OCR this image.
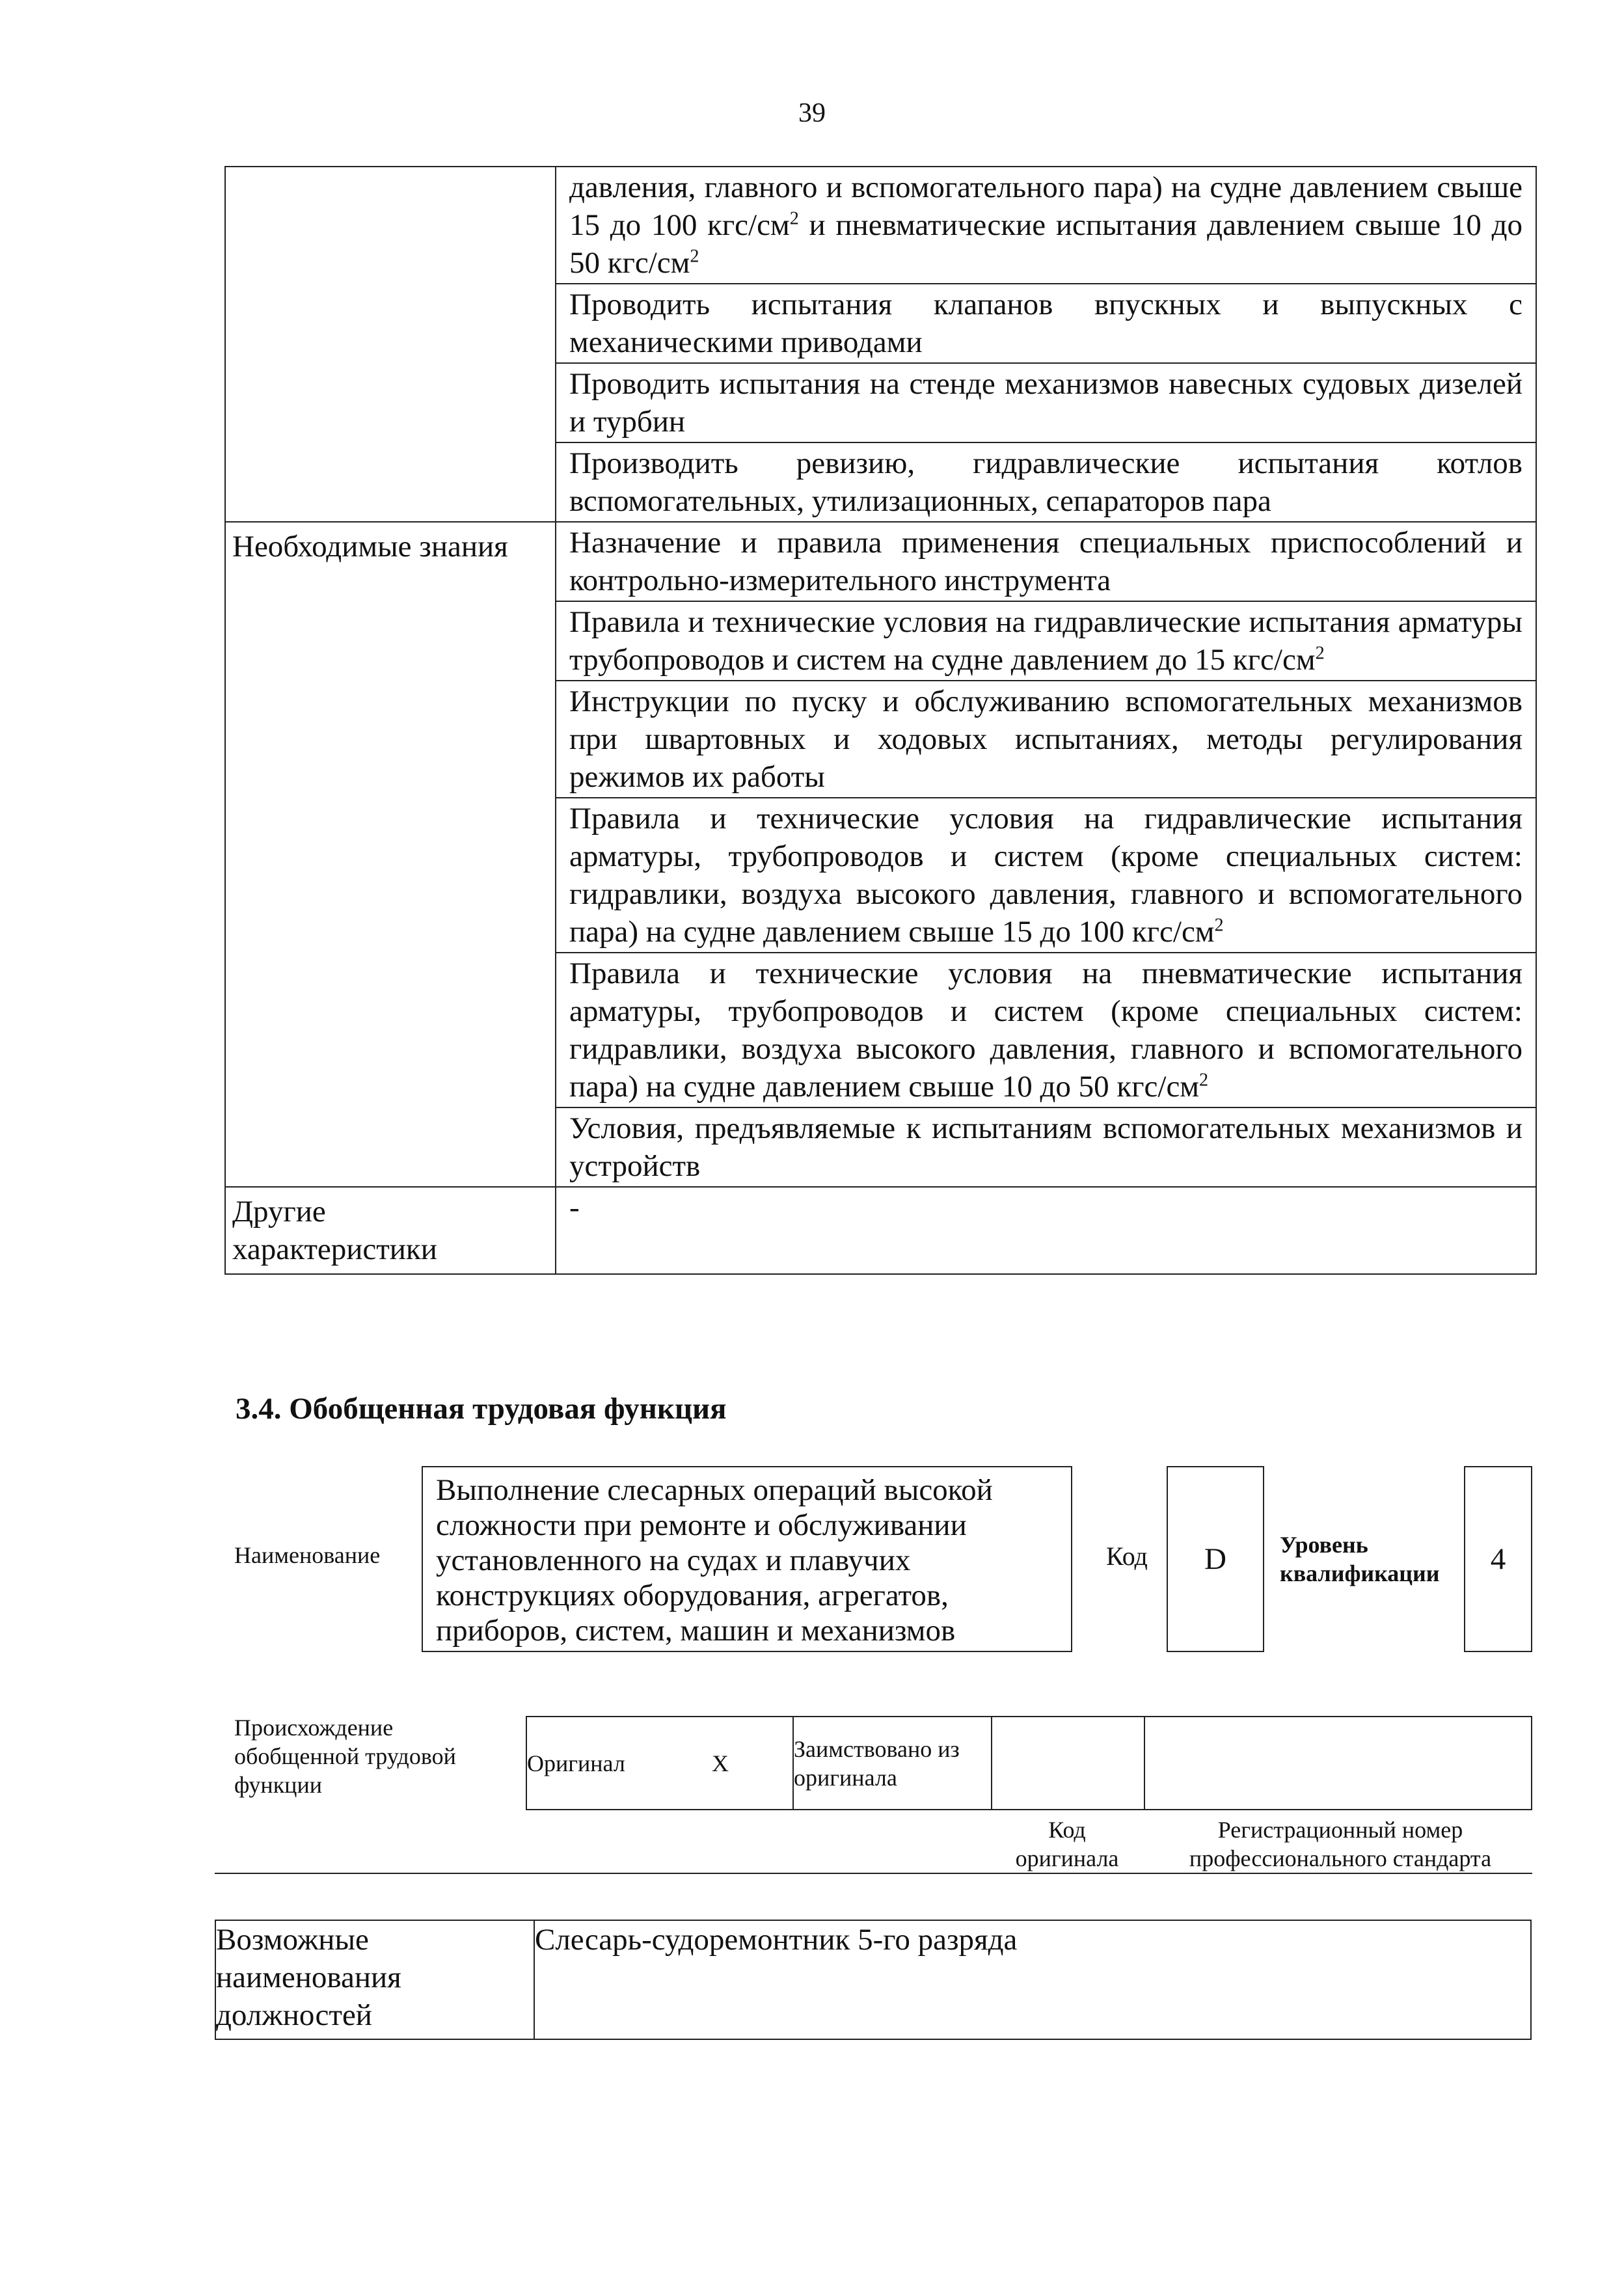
39
	давления, главного и вспомогательного пара) на судне давлением свыше 15 до 100 кгс/$см^2$ и пневматические испытания давлением свыше 10 до 50 кгс/$см^2$
	Проводить испытания клапанов впускных и выпускных с механическими приводами
	Проводить испытания на стенде механизмов навесных судовых дизелей и турбин
	Производить ревизию, гидравлические испытания котлов вспомогательных, утилизационных, сепараторов пара
Необходимые знания	Назначение и правила применения специальных приспособлений и контрольно-измерительного инструмента
	Правила и технические условия на гидравлические испытания арматуры трубопроводов и систем на судне давлением до 15 кгс/$см^2$
	Инструкции по пуску и обслуживанию вспомогательных механизмов при швартовных и ходовых испытаниях, методы регулирования режимов их работы
	Правила и технические условия на гидравлические испытания арматуры, трубопроводов и систем (кроме специальных систем: гидравлики, воздуха высокого давления, главного и вспомогательного пара) на судне давлением свыше 15 до 100 кгс/$см^2$
	Правила и технические условия на пневматические испытания арматуры, трубопроводов и систем (кроме специальных систем: гидравлики, воздуха высокого давления, главного и вспомогательного пара) на судне давлением свыше 10 до 50 кгс/$см^2$
	Условия, предъявляемые к испытаниям вспомогательных механизмов и устройств

Другие
характеристики	-
3.4. Обобщенная трудовая функция
Наименование
Выполнение слесарных операций высокой сложности при ремонте и обслуживании установленного на судах и плавучих конструкциях оборудования, агрегатов, приборов, систем, машин и механизмов
Код	D	Уровень квалификации	4
Происхождение обобщенной трудовой функции
Оригинал	X	Заимствовано из оригинала		
Код оригинала
Регистрационный номер профессионального стандарта
Возможные наименования должностей	Слесарь-судоремонтник 5-го разряда
